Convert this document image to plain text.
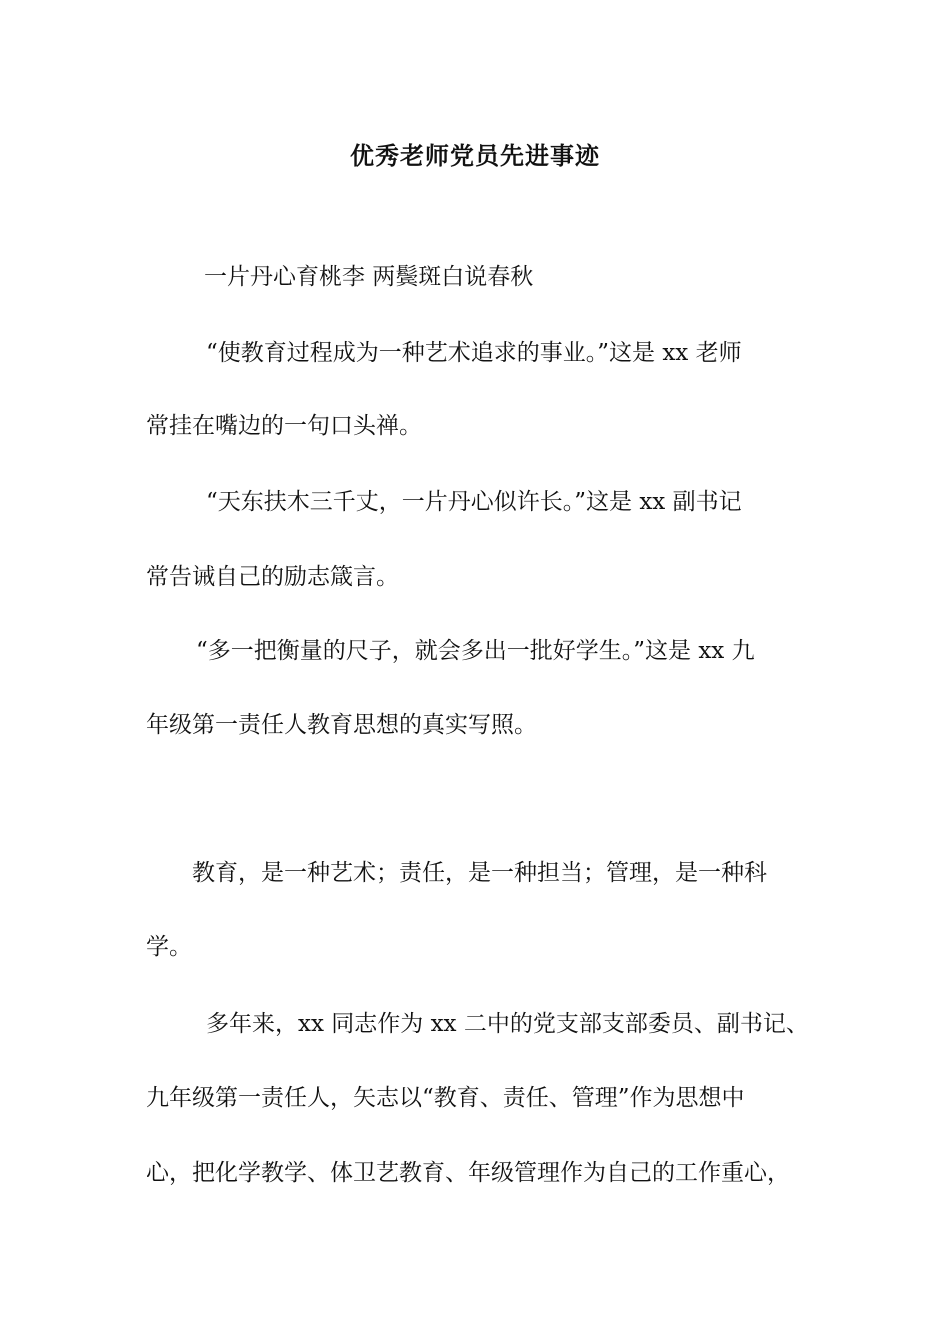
优秀老师党员先进事迹
一片丹心育桃李 两鬓斑白说春秋
“使教育过程成为一种艺术追求的事业。”这是 xx 老师
常挂在嘴边的一句口头禅。
“天东扶木三千丈，一片丹心似许长。”这是 xx 副书记
常告诫自己的励志箴言。
“多一把衡量的尺子，就会多出一批好学生。”这是 xx 九
年级第一责任人教育思想的真实写照。
教育，是一种艺术；责任，是一种担当；管理，是一种科
学。
多年来，xx 同志作为 xx 二中的党支部支部委员、副书记、
九年级第一责任人，矢志以“教育、责任、管理”作为思想中
心，把化学教学、体卫艺教育、年级管理作为自己的工作重心，
